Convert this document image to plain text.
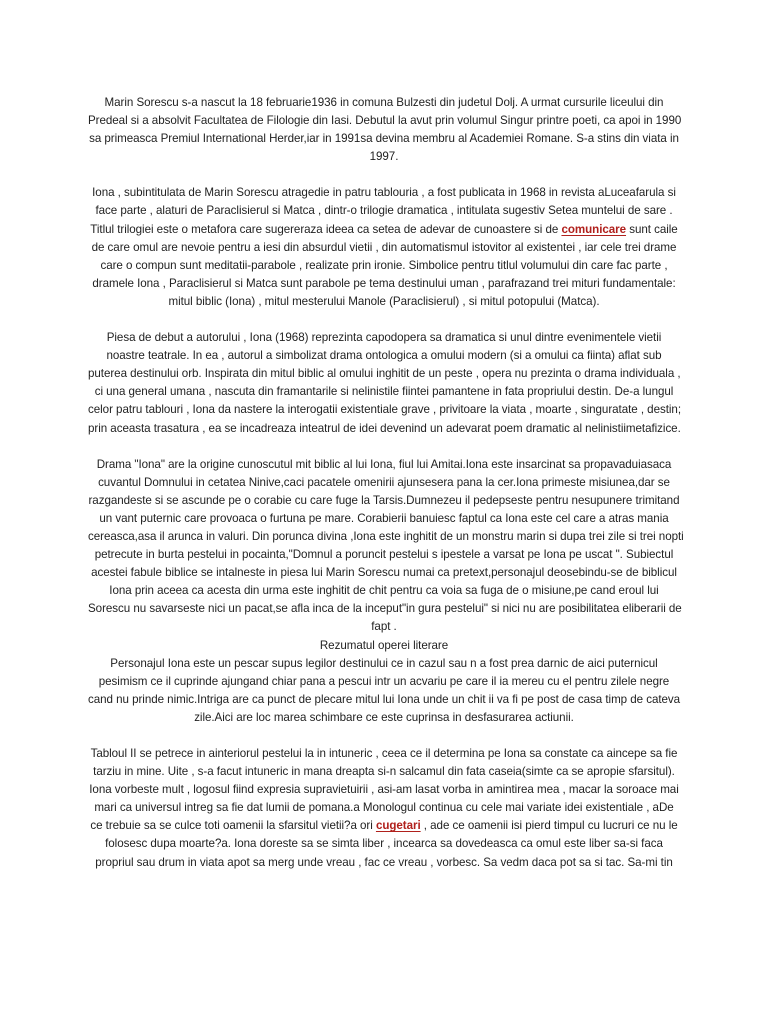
Marin Sorescu s-a nascut la 18 februarie1936 in comuna Bulzesti din judetul Dolj. A urmat cursurile liceului din
Predeal si a absolvit Facultatea de Filologie din Iasi. Debutul la avut prin volumul Singur printre poeti, ca apoi in 1990
sa primeasca Premiul International Herder,iar in 1991sa devina membru al Academiei Romane. S-a stins din viata in
1997.

Iona , subintitulata de Marin Sorescu atragedie in patru tablouria , a fost publicata in 1968 in revista aLuceafarula si
face parte , alaturi de Paraclisierul si Matca , dintr-o trilogie dramatica , intitulata sugestiv Setea muntelui de sare .
Titlul trilogiei este o metafora care sugereraza ideea ca setea de adevar de cunoastere si de comunicare sunt caile
de care omul are nevoie pentru a iesi din absurdul vietii , din automatismul istovitor al existentei , iar cele trei drame
care o compun sunt meditatii-parabole , realizate prin ironie. Simbolice pentru titlul volumului din care fac parte ,
dramele Iona , Paraclisierul si Matca sunt parabole pe tema destinului uman , parafrazand trei mituri fundamentale:
mitul biblic (Iona) , mitul mesterului Manole (Paraclisierul) , si mitul potopului (Matca).

Piesa de debut a autorului , Iona (1968) reprezinta capodopera sa dramatica si unul dintre evenimentele vietii
noastre teatrale. In ea , autorul a simbolizat drama ontologica a omului modern (si a omului ca fiinta) aflat sub
puterea destinului orb. Inspirata din mitul biblic al omului inghitit de un peste , opera nu prezinta o drama individuala ,
ci una general umana , nascuta din framantarile si nelinistile fiintei pamantene in fata propriului destin. De-a lungul
celor patru tablouri , Iona da nastere la interogatii existentiale grave , privitoare la viata , moarte , singuratate , destin;
prin aceasta trasatura , ea se incadreaza inteatrul de idei devenind un adevarat poem dramatic al nelinistiimetafizice.

Drama "Iona" are la origine cunoscutul mit biblic al lui Iona, fiul lui Amitai.Iona este insarcinat sa propavaduiasaca
cuvantul Domnului in cetatea Ninive,caci pacatele omenirii ajunsesera pana la cer.Iona primeste misiunea,dar se
razgandeste si se ascunde pe o corabie cu care fuge la Tarsis.Dumnezeu il pedepseste pentru nesupunere trimitand
un vant puternic care provoaca o furtuna pe mare. Corabierii banuiesc faptul ca Iona este cel care a atras mania
cereasca,asa il arunca in valuri. Din porunca divina ,Iona este inghitit de un monstru marin si dupa trei zile si trei nopti
petrecute in burta pestelui in pocainta,"Domnul a poruncit pestelui s ipestele a varsat pe Iona pe uscat ". Subiectul
acestei fabule biblice se intalneste in piesa lui Marin Sorescu numai ca pretext,personajul deosebindu-se de biblicul
Iona prin aceea ca acesta din urma este inghitit de chit pentru ca voia sa fuga de o misiune,pe cand eroul lui
Sorescu nu savarseste nici un pacat,se afla inca de la inceput"in gura pestelui" si nici nu are posibilitatea eliberarii de
fapt .
Rezumatul operei literare
Personajul Iona este un pescar supus legilor destinului ce in cazul sau n a fost prea darnic de aici puternicul
pesimism ce il cuprinde ajungand chiar pana a pescui intr un acvariu pe care il ia mereu cu el pentru zilele negre
cand nu prinde nimic.Intriga are ca punct de plecare mitul lui Iona unde un chit ii va fi pe post de casa timp de cateva
zile.Aici are loc marea schimbare ce este cuprinsa in desfasurarea actiunii.

Tabloul II se petrece in ainteriorul pestelui la in intuneric , ceea ce il determina pe Iona sa constate ca aincepe sa fie
tarziu in mine. Uite , s-a facut intuneric in mana dreapta si-n salcamul din fata caseia(simte ca se apropie sfarsitul).
Iona vorbeste mult , logosul fiind expresia supravietuirii , asi-am lasat vorba in amintirea mea , macar la soroace mai
mari ca universul intreg sa fie dat lumii de pomana.a Monologul continua cu cele mai variate idei existentiale , aDe
ce trebuie sa se culce toti oamenii la sfarsitul vietii?a ori cugetari , ade ce oamenii isi pierd timpul cu lucruri ce nu le
folosesc dupa moarte?a. Iona doreste sa se simta liber , incearca sa dovedeasca ca omul este liber sa-si faca
propriul sau drum in viata apot sa merg unde vreau , fac ce vreau , vorbesc. Sa vedm daca pot sa si tac. Sa-mi tin
